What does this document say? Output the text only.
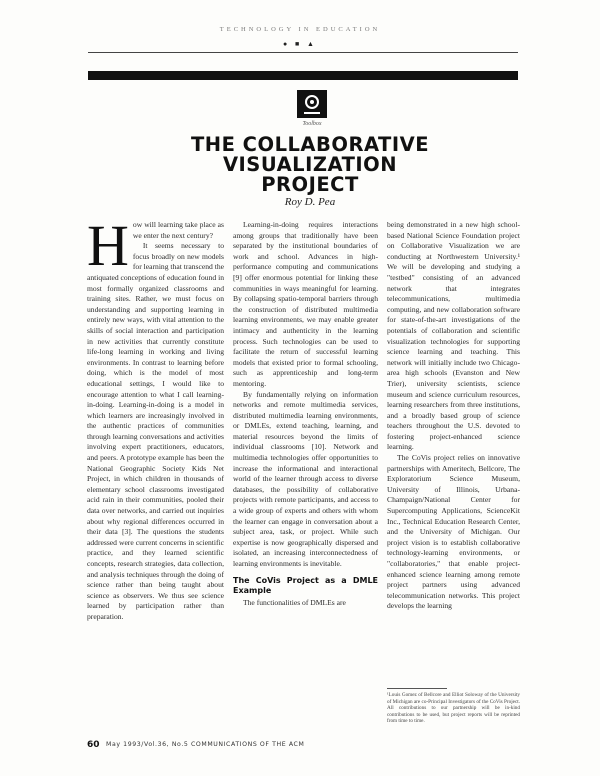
TECHNOLOGY IN EDUCATION
● ■ ▲
Toolbox
THE COLLABORATIVE
VISUALIZATION
PROJECT
Roy D. Pea
H ow will learning take place as we enter the next century?

It seems necessary to focus broadly on new models for learning that transcend the antiquated conceptions of education found in most formally organized classrooms and training sites. Rather, we must focus on understanding and supporting learning in entirely new ways, with vital attention to the skills of social interaction and participation in new activities that currently constitute life-long learning in working and living environments. In contrast to learning before doing, which is the model of most educational settings, I would like to encourage attention to what I call learning-in-doing. Learning-in-doing is a model in which learners are increasingly involved in the authentic practices of communities through learning conversations and activities involving expert practitioners, educators, and peers. A prototype example has been the National Geographic Society Kids Net Project, in which children in thousands of elementary school classrooms investigated acid rain in their communities, pooled their data over networks, and carried out inquiries about why regional differences occurred in their data [3]. The questions the students addressed were current concerns in scientific practice, and they learned scientific concepts, research strategies, data collection, and analysis techniques through the doing of science rather than being taught about science as observers. We thus see science learned by participation rather than preparation.

Learning-in-doing requires interactions among groups that traditionally have been separated by the institutional boundaries of work and school. Advances in high-performance computing and communications [9] offer enormous potential for linking these communities in ways meaningful for learning. By collapsing spatio-temporal barriers through the construction of distributed multimedia learning environments, we may enable greater intimacy and authenticity in the learning process. Such technologies can be used to facilitate the return of successful learning models that existed prior to formal schooling, such as apprenticeship and long-term mentoring.

By fundamentally relying on information networks and remote multimedia services, distributed multimedia learning environments, or DMLEs, extend teaching, learning, and material resources beyond the limits of individual classrooms [10]. Network and multimedia technologies offer opportunities to increase the informational and interactional world of the learner through access to diverse databases, the possibility of collaborative projects with remote participants, and access to a wide group of experts and others with whom the learner can engage in conversation about a subject area, task, or project. While such expertise is now geographically dispersed and isolated, an increasing interconnectedness of learning environments is inevitable.

The CoVis Project as a DMLE Example

The functionalities of DMLEs are

being demonstrated in a new high school-based National Science Foundation project on Collaborative Visualization we are conducting at Northwestern University.¹ We will be developing and studying a "testbed" consisting of an advanced network that integrates telecommunications, multimedia computing, and new collaboration software for state-of-the-art investigations of the potentials of collaboration and scientific visualization technologies for supporting science learning and teaching. This network will initially include two Chicago-area high schools (Evanston and New Trier), university scientists, science museum and science curriculum resources, learning researchers from three institutions, and a broadly based group of science teachers throughout the U.S. devoted to fostering project-enhanced science learning.

The CoVis project relies on innovative partnerships with Ameritech, Bellcore, The Exploratorium Science Museum, University of Illinois, Urbana-Champaign/National Center for Supercomputing Applications, ScienceKit Inc., Technical Education Research Center, and the University of Michigan. Our project vision is to establish collaborative technology-learning environments, or "collaboratories," that enable project-enhanced science learning among remote project partners using advanced telecommunication networks. This project develops the learning

¹Louis Gomez of Bellcore and Elliot Soloway of the University of Michigan are co-Principal Investigators of the CoVis Project. All contributions to our partnership will be in-kind contributions to be used, but project reports will be reprinted from time to time.
60 May 1993/Vol.36, No.5 COMMUNICATIONS OF THE ACM
